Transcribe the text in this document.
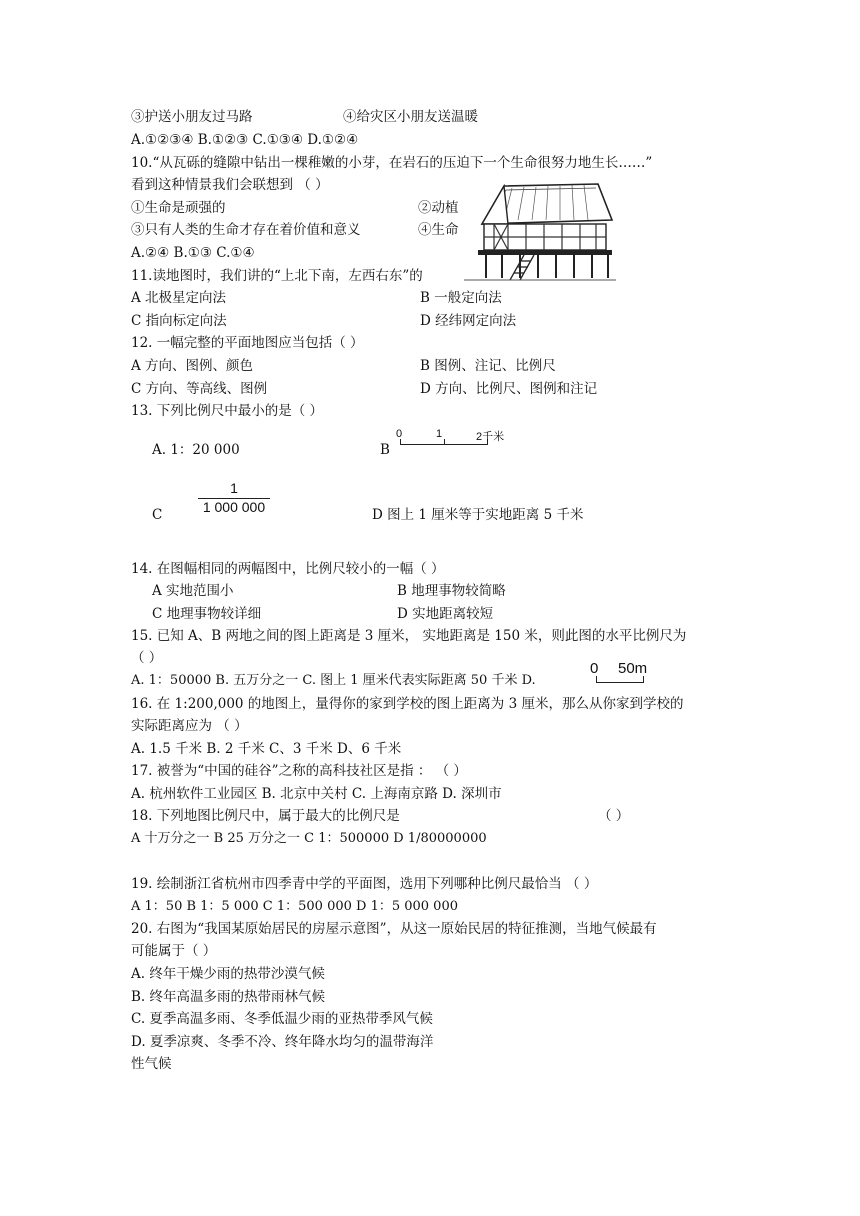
③护送小朋友过马路	④给灾区小朋友送温暖
A.①②③④ B.①②③ C.①③④ D.①②④
10.“从瓦砾的缝隙中钻出一棵稚嫩的小芽，在岩石的压迫下一个生命很努力地生长……”
看到这种情景我们会联想到 （ ）
①生命是顽强的	②动植
③只有人类的生命才存在着价值和意义	④生命
A.②④ B.①③ C.①④
11.读地图时，我们讲的“上北下南，左西右东”的
A 北极星定向法	B 一般定向法
C 指向标定向法	D 经纬网定向法
12. 一幅完整的平面地图应当包括（ ）
A 方向、图例、颜色	B 图例、注记、比例尺
C 方向、等高线、图例	D 方向、比例尺、图例和注记
13. 下列比例尺中最小的是（ ）
A. 1：20 000	B
0	1	2千米
C	$\frac{1}{1 000 000}$	D 图上 1 厘米等于实地距离 5 千米
14. 在图幅相同的两幅图中，比例尺较小的一幅（ ）
A 实地范围小	B 地理事物较简略
C 地理事物较详细	D 实地距离较短
15. 已知 A、B 两地之间的图上距离是 3 厘米， 实地距离是 150 米，则此图的水平比例尺为
（ ）
A. 1：50000 B. 五万分之一 C. 图上 1 厘米代表实际距离 50 千米 D.
0 50m
16. 在 1:200,000 的地图上，量得你的家到学校的图上距离为 3 厘米，那么从你家到学校的
实际距离应为 （ ）
A. 1.5 千米 B. 2 千米 C、3 千米 D、6 千米
17. 被誉为“中国的硅谷”之称的高科技社区是指 ： （ ）
A. 杭州软件工业园区 B. 北京中关村 C. 上海南京路 D. 深圳市
18. 下列地图比例尺中，属于最大的比例尺是	（ ）
A 十万分之一 B 25 万分之一 C 1：500000 D 1/80000000
19. 绘制浙江省杭州市四季青中学的平面图，选用下列哪种比例尺最恰当 （ ）
A 1：50 B 1：5 000 C 1：500 000 D 1：5 000 000
20. 右图为“我国某原始居民的房屋示意图”，从这一原始民居的特征推测，当地气候最有
可能属于（ ）
A. 终年干燥少雨的热带沙漠气候
B. 终年高温多雨的热带雨林气候
C. 夏季高温多雨、冬季低温少雨的亚热带季风气候
D. 夏季凉爽、冬季不冷、终年降水均匀的温带海洋
性气候
